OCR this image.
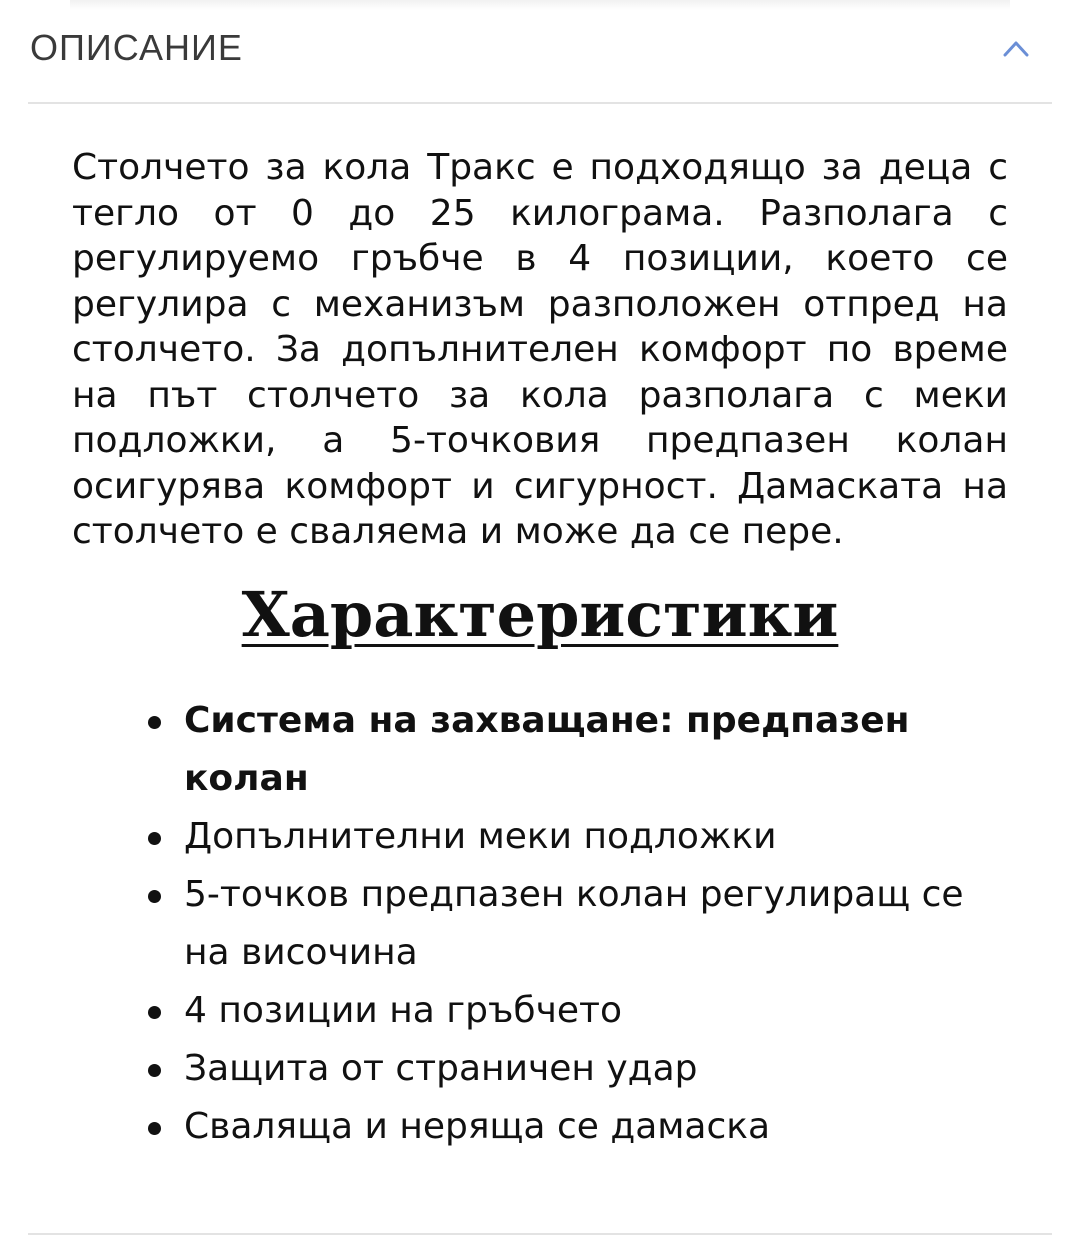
ОПИСАНИЕ

Столчето за кола Тракс е подходящо за деца с тегло от 0 до 25 килограма. Разполага с регулируемо гръбче в 4 позиции, което се регулира с механизъм разположен отпред на столчето. За допълнителен комфорт по време на път столчето за кола разполага с меки подложки, а 5-точковия предпазен колан осигурява комфорт и сигурност. Дамаската на столчето е сваляема и може да се пере.

Характеристики
Система на захващане: предпазен колан
Допълнителни меки подложки
5-точков предпазен колан регулиращ се на височина
4 позиции на гръбчето
Защита от страничен удар
Сваляща и неряща се дамаска
